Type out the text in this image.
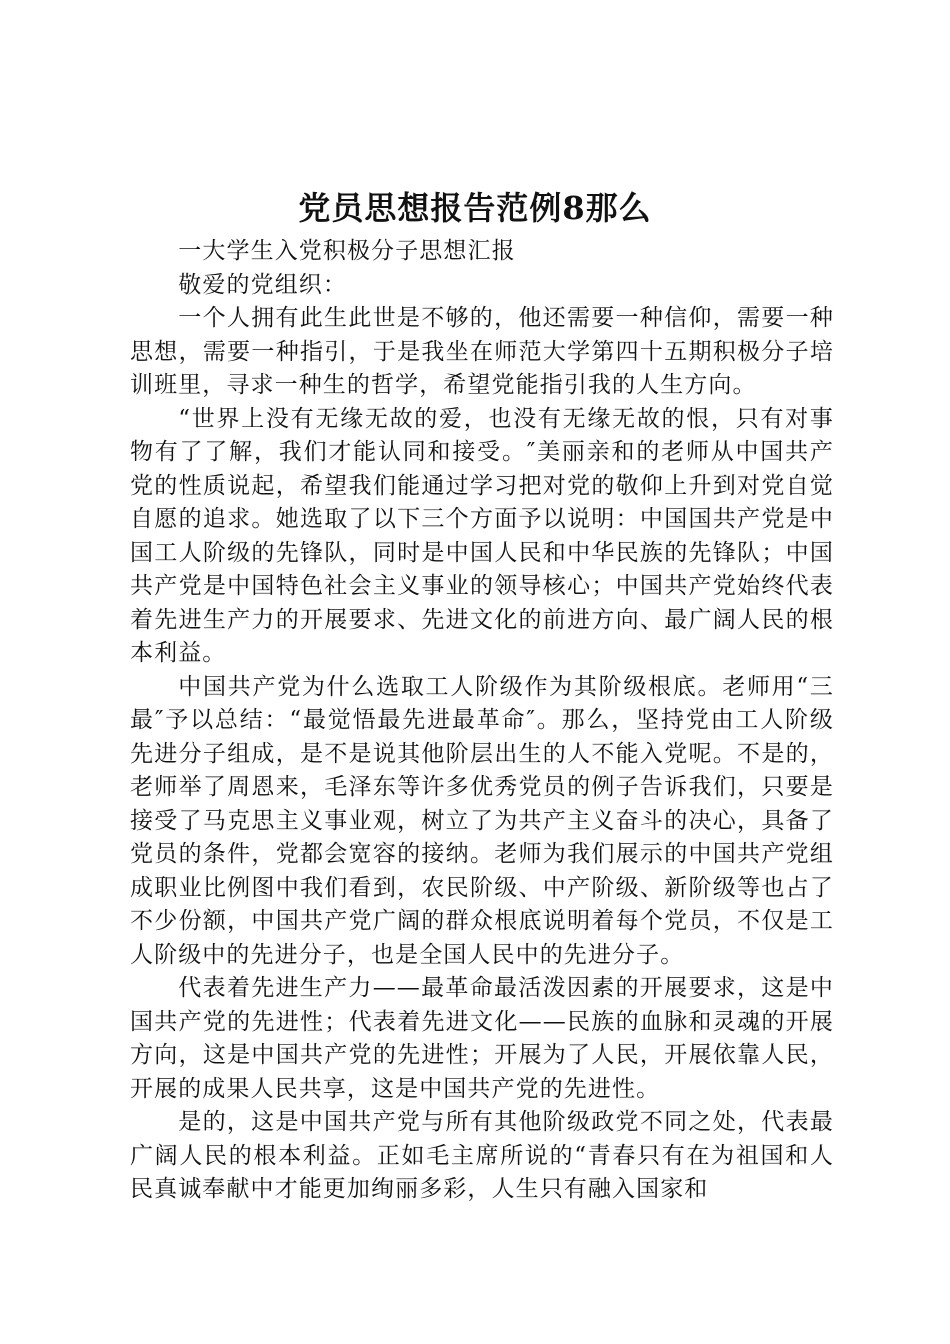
党员思想报告范例8那么

一大学生入党积极分子思想汇报

敬爱的党组织：

一个人拥有此生此世是不够的，他还需要一种信仰，需要一种思想，需要一种指引，于是我坐在师范大学第四十五期积极分子培训班里，寻求一种生的哲学，希望党能指引我的人生方向。

“世界上没有无缘无故的爱，也没有无缘无故的恨，只有对事物有了了解，我们才能认同和接受。″美丽亲和的老师从中国共产党的性质说起，希望我们能通过学习把对党的敬仰上升到对党自觉自愿的追求。她选取了以下三个方面予以说明：中国国共产党是中国工人阶级的先锋队，同时是中国人民和中华民族的先锋队；中国共产党是中国特色社会主义事业的领导核心；中国共产党始终代表着先进生产力的开展要求、先进文化的前进方向、最广阔人民的根本利益。

中国共产党为什么选取工人阶级作为其阶级根底。老师用“三最″予以总结：“最觉悟最先进最革命″。那么，坚持党由工人阶级先进分子组成，是不是说其他阶层出生的人不能入党呢。不是的，老师举了周恩来，毛泽东等许多优秀党员的例子告诉我们，只要是接受了马克思主义事业观，树立了为共产主义奋斗的决心，具备了党员的条件，党都会宽容的接纳。老师为我们展示的中国共产党组成职业比例图中我们看到，农民阶级、中产阶级、新阶级等也占了不少份额，中国共产党广阔的群众根底说明着每个党员，不仅是工人阶级中的先进分子，也是全国人民中的先进分子。

代表着先进生产力——最革命最活泼因素的开展要求，这是中国共产党的先进性；代表着先进文化——民族的血脉和灵魂的开展方向，这是中国共产党的先进性；开展为了人民，开展依靠人民，开展的成果人民共享，这是中国共产党的先进性。

是的，这是中国共产党与所有其他阶级政党不同之处，代表最广阔人民的根本利益。正如毛主席所说的“青春只有在为祖国和人民真诚奉献中才能更加绚丽多彩，人生只有融入国家和
